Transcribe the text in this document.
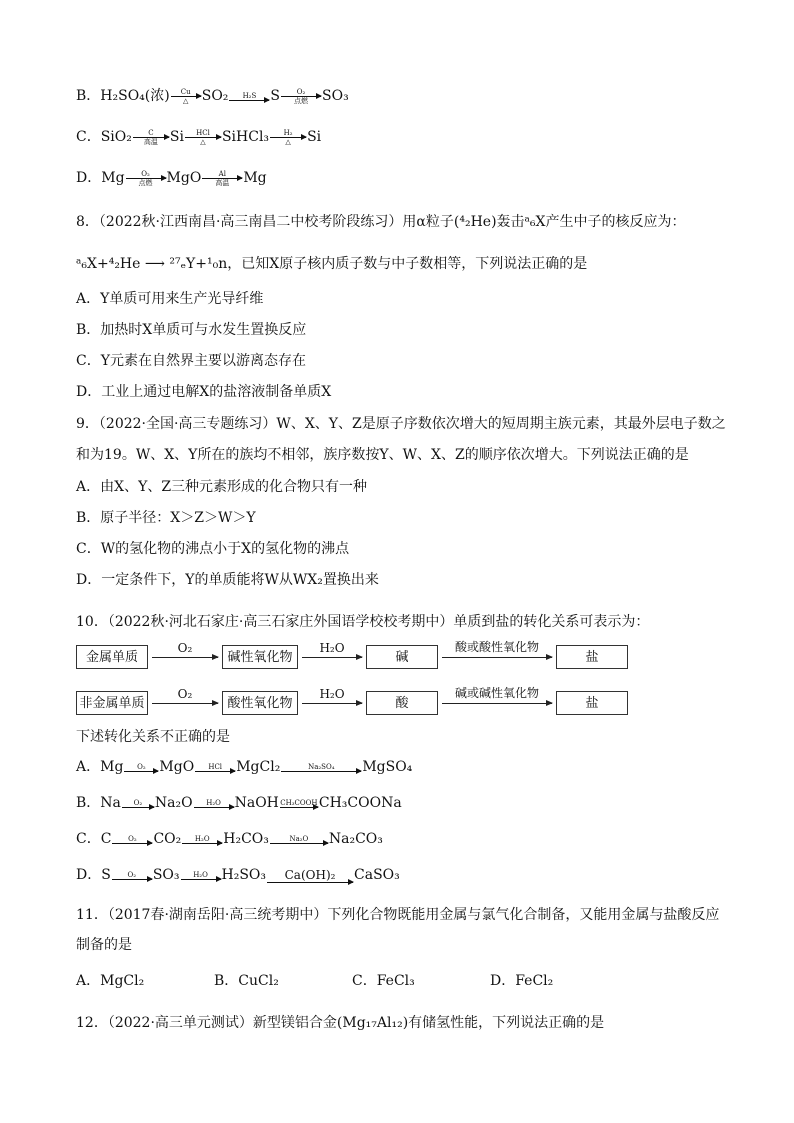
B．H₂SO₄(浓)	Cu
△ SO₂	H₂S	S	O₂
点燃	SO₃
C．SiO₂	C
高温 Si	HCl
△	SiHCl₃	H₂
△	Si
D．Mg	O₂
点燃	MgO	Al
高温	Mg
8．（2022秋·江西南昌·高三南昌二中校考阶段练习）用α粒子(⁴₂He)轰击ᵃ₆X产生中子的核反应为：
ᵃ₆X+⁴₂He ⟶ ²⁷ₑY+¹₀n，已知X原子核内质子数与中子数相等，下列说法正确的是
A．Y单质可用来生产光导纤维
B．加热时X单质可与水发生置换反应
C．Y元素在自然界主要以游离态存在
D．工业上通过电解X的盐溶液制备单质X
9．（2022·全国·高三专题练习）W、X、Y、Z是原子序数依次增大的短周期主族元素，其最外层电子数之
和为19。W、X、Y所在的族均不相邻，族序数按Y、W、X、Z的顺序依次增大。下列说法正确的是
A．由X、Y、Z三种元素形成的化合物只有一种
B．原子半径：X＞Z＞W＞Y
C．W的氢化物的沸点小于X的氢化物的沸点
D．一定条件下，Y的单质能将W从WX₂置换出来
10．（2022秋·河北石家庄·高三石家庄外国语学校校考期中）单质到盐的转化关系可表示为：
金属单质
O₂
碱性氧化物
H₂O
碱
酸或酸性氧化物
盐
非金属单质
O₂
酸性氧化物
H₂O
酸
碱或碱性氧化物
盐
下述转化关系不正确的是
A．Mg	O₂ MgO	HCl	MgCl₂	Na₂SO₄	MgSO₄
B．Na	O₂ Na₂O	H₂O NaOH CH₃COOH CH₃COONa
C．C	O₂	CO₂	H₂O H₂CO₃	Na₂O	Na₂CO₃
D．S	O₂	SO₃	H₂O H₂SO₃	Ca(OH)₂	CaSO₃
11．（2017春·湖南岳阳·高三统考期中）下列化合物既能用金属与氯气化合制备，又能用金属与盐酸反应
制备的是
A．MgCl₂	B．CuCl₂	C．FeCl₃	D．FeCl₂
12．（2022·高三单元测试）新型镁铝合金(Mg₁₇Al₁₂)有储氢性能，下列说法正确的是
